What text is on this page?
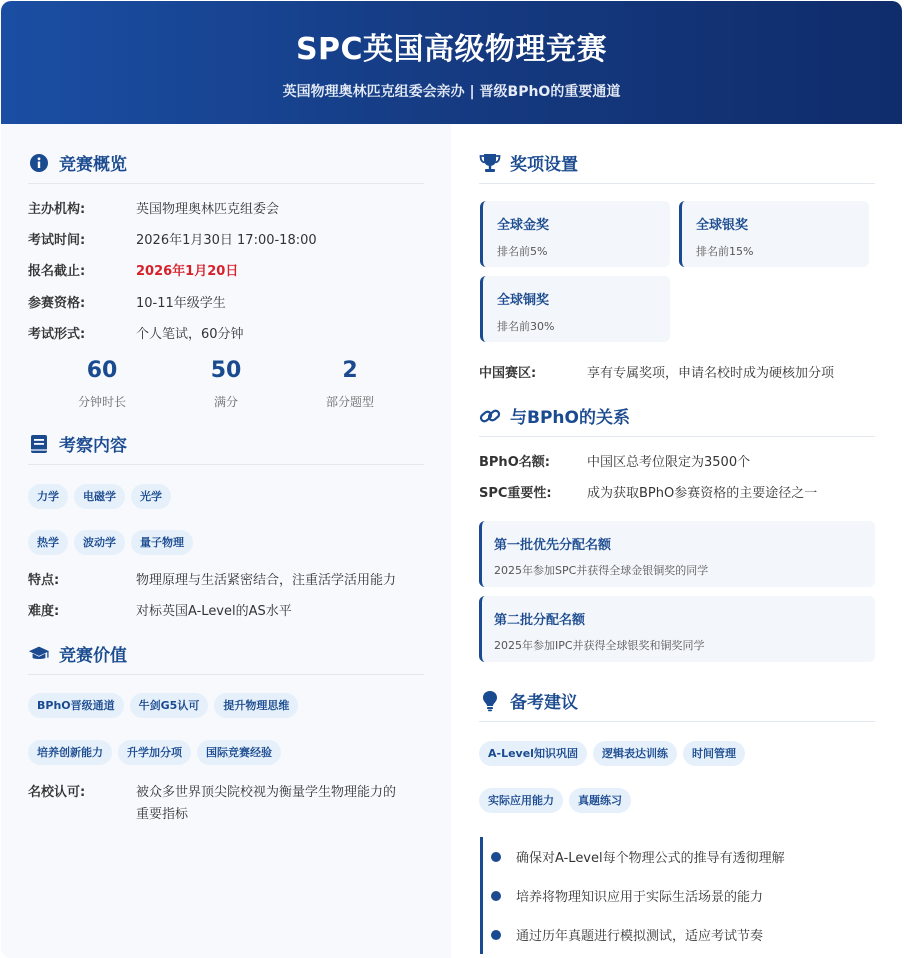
SPC英国高级物理竞赛
英国物理奥林匹克组委会亲办 | 晋级BPhO的重要通道
竞赛概览
主办机构:	英国物理奥林匹克组委会
考试时间:	2026年1月30日 17:00-18:00
报名截止:	2026年1月20日
参赛资格:	10-11年级学生
考试形式:	个人笔试，60分钟
60
分钟时长
50
满分
2
部分题型
考察内容
力学	电磁学	光学
热学	波动学	量子物理
特点:	物理原理与生活紧密结合，注重活学活用能力
难度:	对标英国A-Level的AS水平
竞赛价值
BPhO晋级通道	牛剑G5认可	提升物理思维
培养创新能力	升学加分项	国际竞赛经验
名校认可:	被众多世界顶尖院校视为衡量学生物理能力的
重要指标
奖项设置
全球金奖
排名前5%
全球银奖
排名前15%
全球铜奖
排名前30%
中国赛区:	享有专属奖项，申请名校时成为硬核加分项
与BPhO的关系
BPhO名额:	中国区总考位限定为3500个
SPC重要性:	成为获取BPhO参赛资格的主要途径之一
第一批优先分配名额
2025年参加SPC并获得全球金银铜奖的同学
第二批分配名额
2025年参加IPC并获得全球银奖和铜奖同学
备考建议
A-Level知识巩固	逻辑表达训练	时间管理
实际应用能力	真题练习
确保对A-Level每个物理公式的推导有透彻理解
培养将物理知识应用于实际生活场景的能力
通过历年真题进行模拟测试，适应考试节奏
